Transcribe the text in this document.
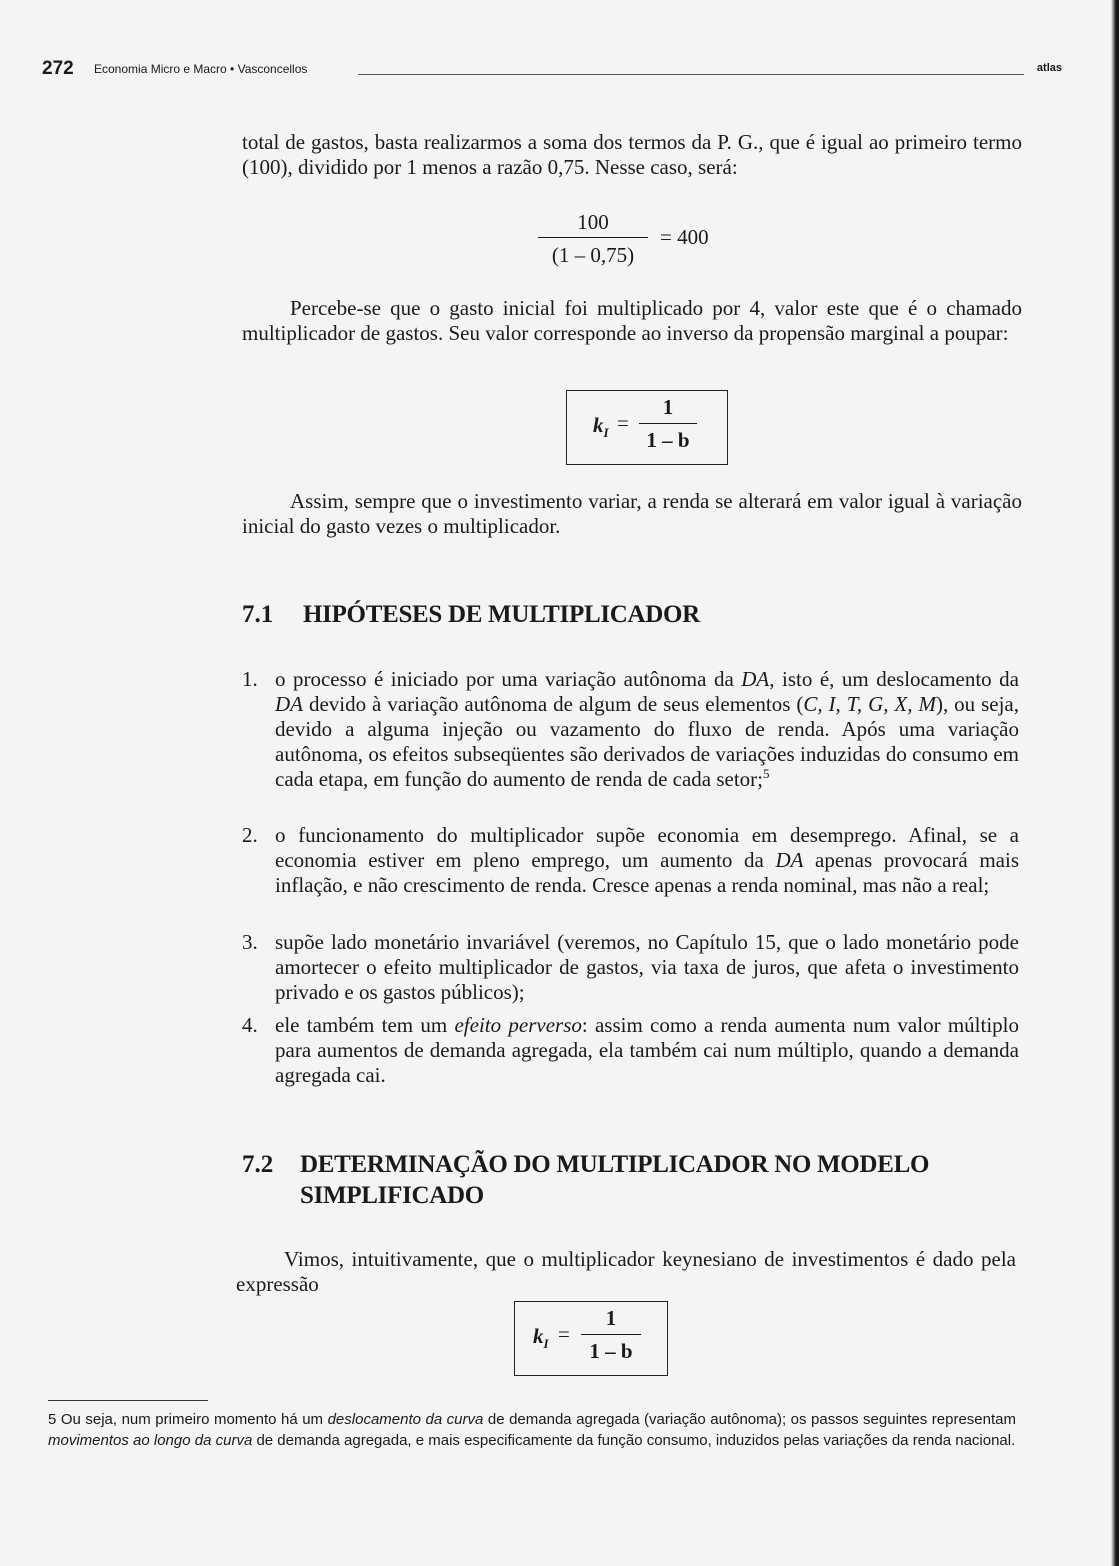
272 Economia Micro e Macro • Vasconcellos	atlas

total de gastos, basta realizarmos a soma dos termos da P. G., que é igual ao primeiro termo (100), dividido por 1 menos a razão 0,75. Nesse caso, será:

100
(1 – 0,75)
= 400

Percebe-se que o gasto inicial foi multiplicado por 4, valor este que é o chamado multiplicador de gastos. Seu valor corresponde ao inverso da propensão marginal a poupar:

$k_I$ =
1
1 – b

Assim, sempre que o investimento variar, a renda se alterará em valor igual à variação inicial do gasto vezes o multiplicador.

7.1 HIPÓTESES DE MULTIPLICADOR
1. o processo é iniciado por uma variação autônoma da DA, isto é, um deslocamento da DA devido à variação autônoma de algum de seus elementos (C, I, T, G, X, M), ou seja, devido a alguma injeção ou vazamento do fluxo de renda. Após uma variação autônoma, os efeitos subseqüentes são derivados de variações induzidas do consumo em cada etapa, em função do aumento de renda de cada setor;$^5$

2. o funcionamento do multiplicador supõe economia em desemprego. Afinal, se a economia estiver em pleno emprego, um aumento da DA apenas provocará mais inflação, e não crescimento de renda. Cresce apenas a renda nominal, mas não a real;

3. supõe lado monetário invariável (veremos, no Capítulo 15, que o lado monetário pode amortecer o efeito multiplicador de gastos, via taxa de juros, que afeta o investimento privado e os gastos públicos);

4. ele também tem um efeito perverso: assim como a renda aumenta num valor múltiplo para aumentos de demanda agregada, ela também cai num múltiplo, quando a demanda agregada cai.

7.2 DETERMINAÇÃO DO MULTIPLICADOR NO MODELO
SIMPLIFICADO

Vimos, intuitivamente, que o multiplicador keynesiano de investimentos é dado pela expressão

$k_I$ =
1
1 – b

5 Ou seja, num primeiro momento há um deslocamento da curva de demanda agregada (variação autônoma); os passos seguintes representam movimentos ao longo da curva de demanda agregada, e mais especificamente da função consumo, induzidos pelas variações da renda nacional.
